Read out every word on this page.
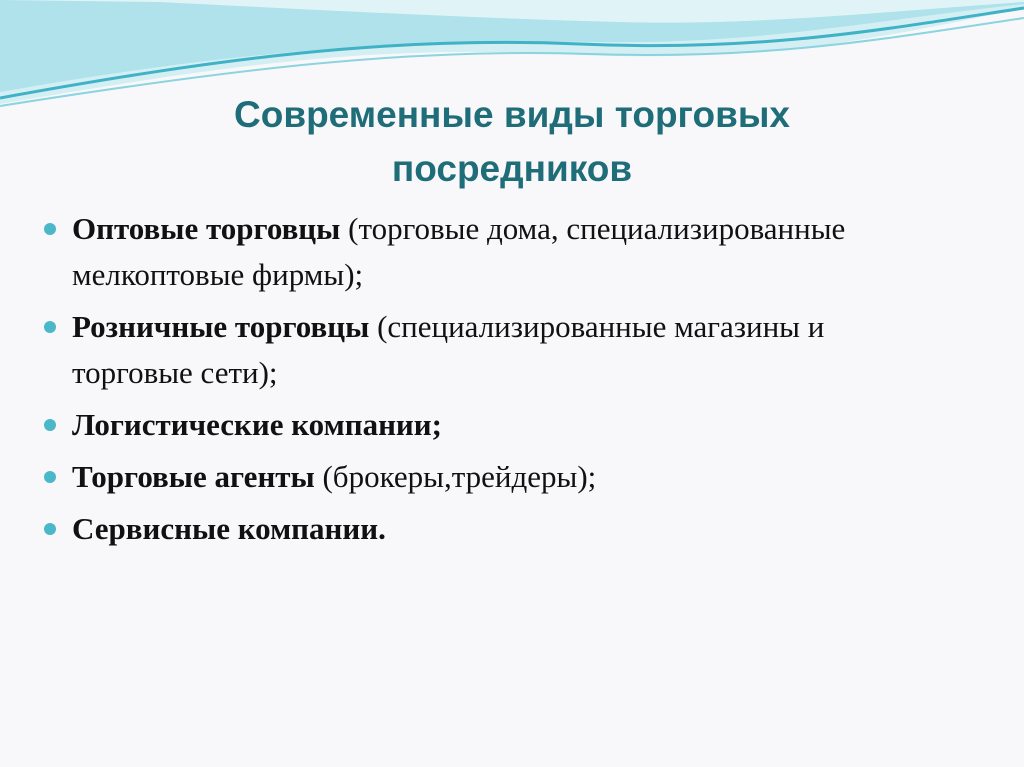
Современные виды торговых
посредников
Оптовые торговцы (торговые дома, специализированные мелкоптовые фирмы);
Розничные торговцы (специализированные магазины и торговые сети);
Логистические компании;
Торговые агенты (брокеры,трейдеры);
Сервисные компании.
